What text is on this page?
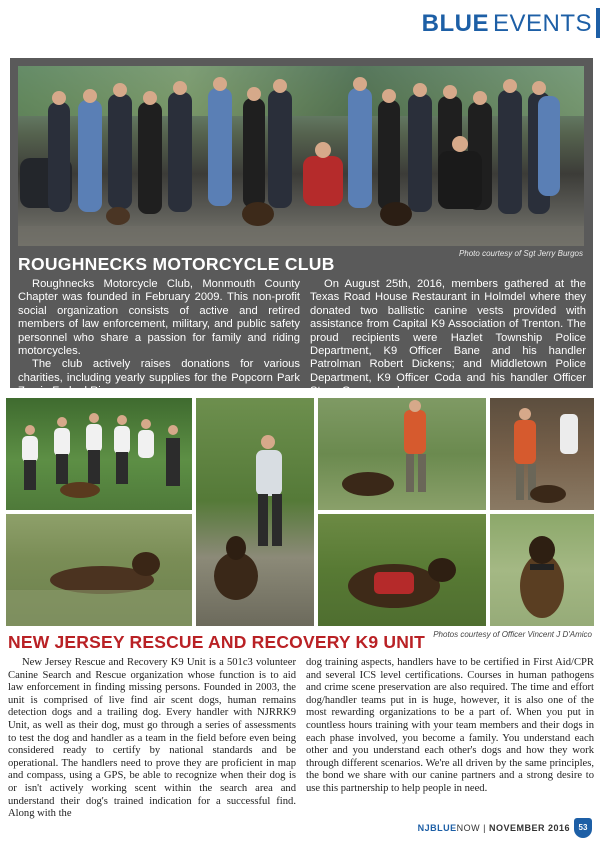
BLUE EVENTS
Photo courtesy of Sgt Jerry Burgos
ROUGHNECKS MOTORCYCLE CLUB

Roughnecks Motorcycle Club, Monmouth County Chapter was founded in February 2009. This non-profit social organization consists of active and retired members of law enforcement, military, and public safety personnel who share a passion for family and riding motorcycles.

The club actively raises donations for various charities, including yearly supplies for the Popcorn Park Zoo in Forked River.

On August 25th, 2016, members gathered at the Texas Road House Restaurant in Holmdel where they donated two ballistic canine vests provided with assistance from Capital K9 Association of Trenton. The proud recipients were Hazlet Township Police Department, K9 Officer Bane and his handler Patrolman Robert Dickens; and Middletown Police Department, K9 Officer Coda and his handler Officer Steve Greenwood.

NEW JERSEY RESCUE AND RECOVERY K9 UNIT Photos courtesy of Officer Vincent J D'Amico

New Jersey Rescue and Recovery K9 Unit is a 501c3 volunteer Canine Search and Rescue organization whose function is to aid law enforcement in finding missing persons. Founded in 2003, the unit is comprised of live find air scent dogs, human remains detection dogs and a trailing dog. Every handler with NJRRK9 Unit, as well as their dog, must go through a series of assessments to test the dog and handler as a team in the field before even being considered ready to certify by national standards and be operational. The handlers need to prove they are proficient in map and compass, using a GPS, be able to recognize when their dog is or isn't actively working scent within the search area and understand their dog's trained indication for a successful find. Along with the

dog training aspects, handlers have to be certified in First Aid/CPR and several ICS level certifications. Courses in human pathogens and crime scene preservation are also required. The time and effort dog/handler teams put in is huge, however, it is also one of the most rewarding organizations to be a part of. When you put in countless hours training with your team members and their dogs in each phase involved, you become a family. You understand each other and you understand each other's dogs and how they work through different scenarios. We're all driven by the same principles, the bond we share with our canine partners and a strong desire to use this partnership to help people in need.

NJBLUENOW | NOVEMBER 2016	53
